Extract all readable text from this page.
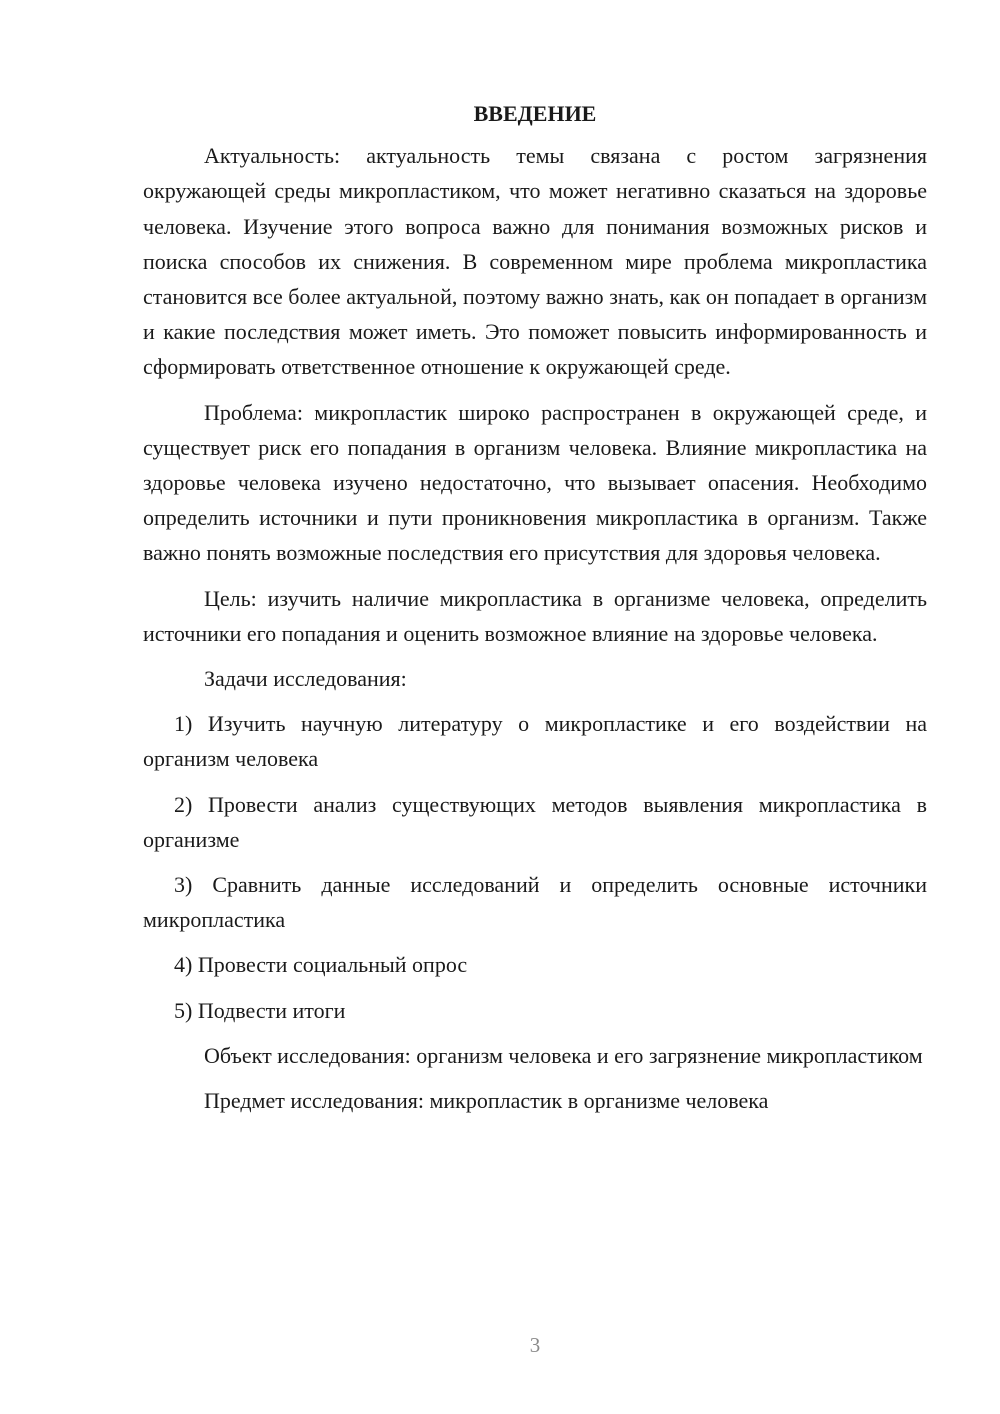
ВВЕДЕНИЕ

Актуальность: актуальность темы связана с ростом загрязнения окружающей среды микропластиком, что может негативно сказаться на здоровье человека. Изучение этого вопроса важно для понимания возможных рисков и поиска способов их снижения. В современном мире проблема микропластика становится все более актуальной, поэтому важно знать, как он попадает в организм и какие последствия может иметь. Это поможет повысить информированность и сформировать ответственное отношение к окружающей среде.

Проблема: микропластик широко распространен в окружающей среде, и существует риск его попадания в организм человека. Влияние микропластика на здоровье человека изучено недостаточно, что вызывает опасения. Необходимо определить источники и пути проникновения микропластика в организм. Также важно понять возможные последствия его присутствия для здоровья человека.

Цель: изучить наличие микропластика в организме человека, определить источники его попадания и оценить возможное влияние на здоровье человека.

Задачи исследования:

1) Изучить научную литературу о микропластике и его воздействии на организм человека

2) Провести анализ существующих методов выявления микропластика в организме

3) Сравнить данные исследований и определить основные источники микропластика

4) Провести социальный опрос

5) Подвести итоги

Объект исследования: организм человека и его загрязнение микропластиком

Предмет исследования: микропластик в организме человека

3
